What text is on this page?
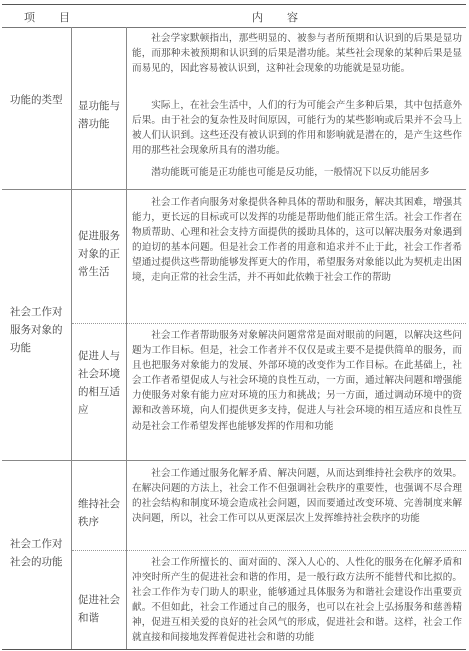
项目	内容
功能的类型	显功能与潜功能
社会学家默顿指出，那些明显的、被参与者所预期和认识到的后果是显功能，而那种未被预期和认识到的后果是潜功能。某些社会现象的某种后果是显而易见的，因此容易被认识到，这种社会现象的功能就是显功能。
实际上，在社会生活中，人们的行为可能会产生多种后果，其中包括意外后果。由于社会的复杂性及时间原因，可能行为的某些影响或后果并不会马上被人们认识到。这些还没有被认识到的作用和影响就是潜在的，是产生这些作用的那些社会现象所具有的潜功能。
潜功能既可能是正功能也可能是反功能，一般情况下以反功能居多
社会工作对服务对象的功能
促进服务对象的正常生活
社会工作者向服务对象提供各种具体的帮助和服务，解决其困难，增强其能力，更长远的目标或可以发挥的功能是帮助他们能正常生活。社会工作者在物质帮助、心理和社会支持方面提供的援助具体的，这可以解决服务对象遇到的迫切的基本问题。但是社会工作者的用意和追求并不止于此，社会工作者希望通过提供这些帮助能够发挥更大的作用，希望服务对象能以此为契机走出困境，走向正常的社会生活，并不再如此依赖于社会工作的帮助
促进人与社会环境的相互适应
社会工作者帮助服务对象解决问题常常是面对眼前的问题，以解决这些问题为工作目标。但是，社会工作者并不仅仅是或主要不是提供简单的服务，而且也把服务对象能力的发展、外部环境的改变作为工作目标。在此基础上，社会工作者希望促成人与社会环境的良性互动，一方面，通过解决问题和增强能力使服务对象有能力应对环境的压力和挑战；另一方面，通过调动环境中的资源和改善环境，向人们提供更多支持，促进人与社会环境的相互适应和良性互动是社会工作希望发挥也能够发挥的作用和功能
社会工作对社会的功能
维持社会秩序
社会工作通过服务化解矛盾、解决问题，从而达到维持社会秩序的效果。在解决问题的方法上，社会工作不但强调社会秩序的重要性，也强调不尽合理的社会结构和制度环境会造成社会问题，因而要通过改变环境、完善制度来解决问题，所以，社会工作可以从更深层次上发挥维持社会秩序的功能
促进社会和谐
社会工作所擅长的、面对面的、深入人心的、人性化的服务在化解矛盾和冲突时所产生的促进社会和谐的作用，是一般行政方法所不能替代和比拟的。社会工作作为专门助人的职业，能够通过具体服务为和谐社会建设作出重要贡献。不但如此，社会工作通过自己的服务，也可以在社会上弘扬服务和慈善精神，促进互相关爱的良好的社会风气的形成，促进社会和谐。这样，社会工作就直接和间接地发挥着促进社会和谐的功能
